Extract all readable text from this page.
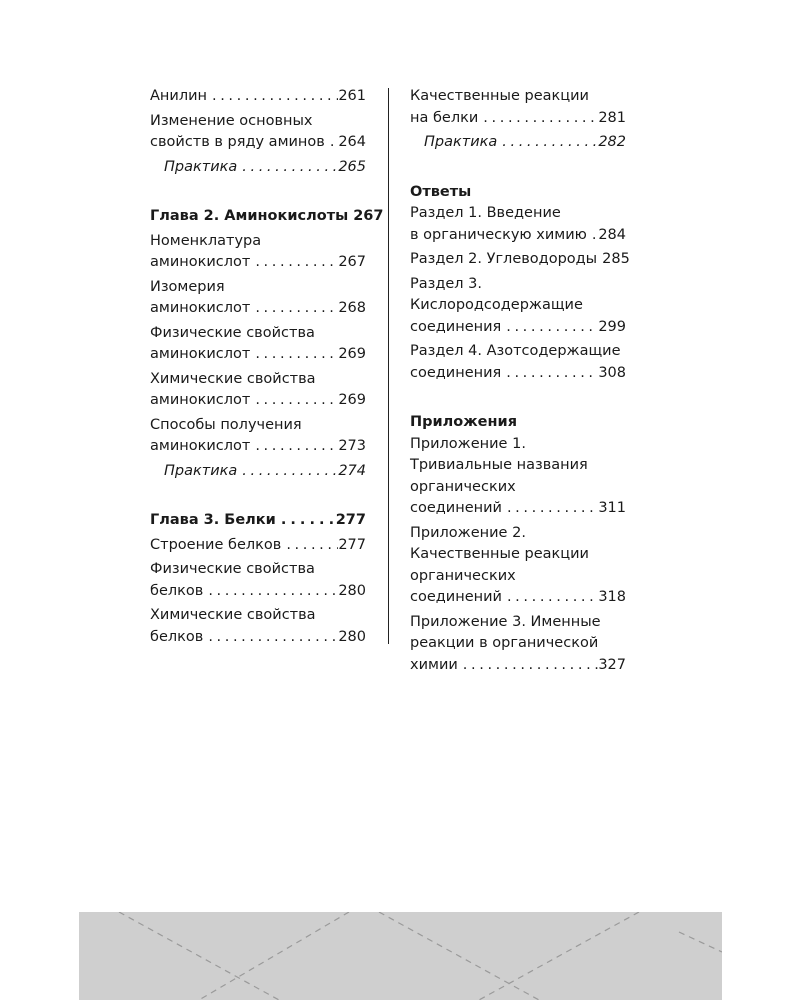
Анилин . . .	261
Изменение основных
свойств в ряду аминов . . . 264
Практика . . .	265
Глава 2. Аминокислоты 267
Номенклатура
аминокислот . . .	267
Изомерия
аминокислот . . .	268
Физические свойства
аминокислот . . .	269
Химические свойства
аминокислот . . .	269
Способы получения
аминокислот . . .	273
Практика . . .	274
Глава 3. Белки . . .	277
Строение белков . . .	277
Физические свойства
белков . . .	280
Химические свойства
белков . . .	280
Качественные реакции
на белки . . .	281
Практика . . .	282
Ответы
Раздел 1. Введение
в органическую химию . . . 284
Раздел 2. Углеводороды 285
Раздел 3.
Кислородсодержащие
соединения . . .	299
Раздел 4. Азотсодержащие
соединения . . .	308
Приложения
Приложение 1.
Тривиальные названия
органических
соединений . . .	311
Приложение 2.
Качественные реакции
органических
соединений . . .	318
Приложение 3. Именные
реакции в органической
химии . . .	327
